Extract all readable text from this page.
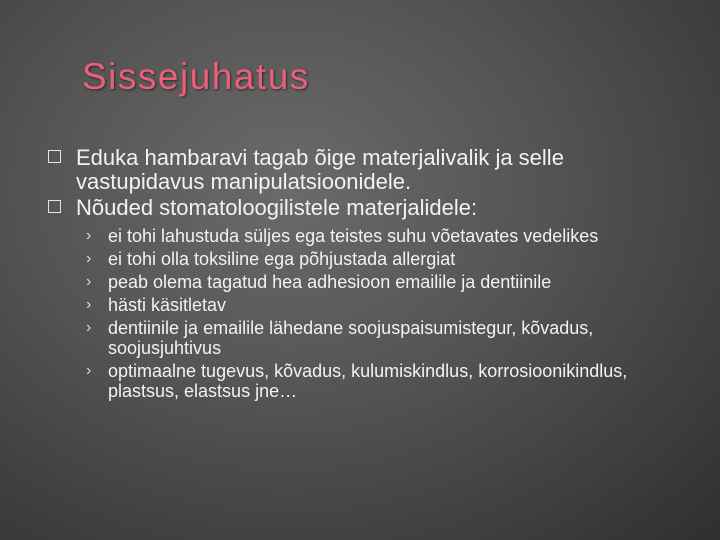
Sissejuhatus
Eduka hambaravi tagab õige materjalivalik ja selle vastupidavus manipulatsioonidele.
Nõuded stomatoloogilistele materjalidele:
› ei tohi lahustuda süljes ega teistes suhu võetavates vedelikes
› ei tohi olla toksiline ega põhjustada allergiat
› peab olema tagatud hea adhesioon emailile ja dentiinile
› hästi käsitletav
› dentiinile ja emailile lähedane soojuspaisumistegur, kõvadus, soojusjuhtivus
› optimaalne tugevus, kõvadus, kulumiskindlus, korrosioonikindlus, plastsus, elastsus jne…
